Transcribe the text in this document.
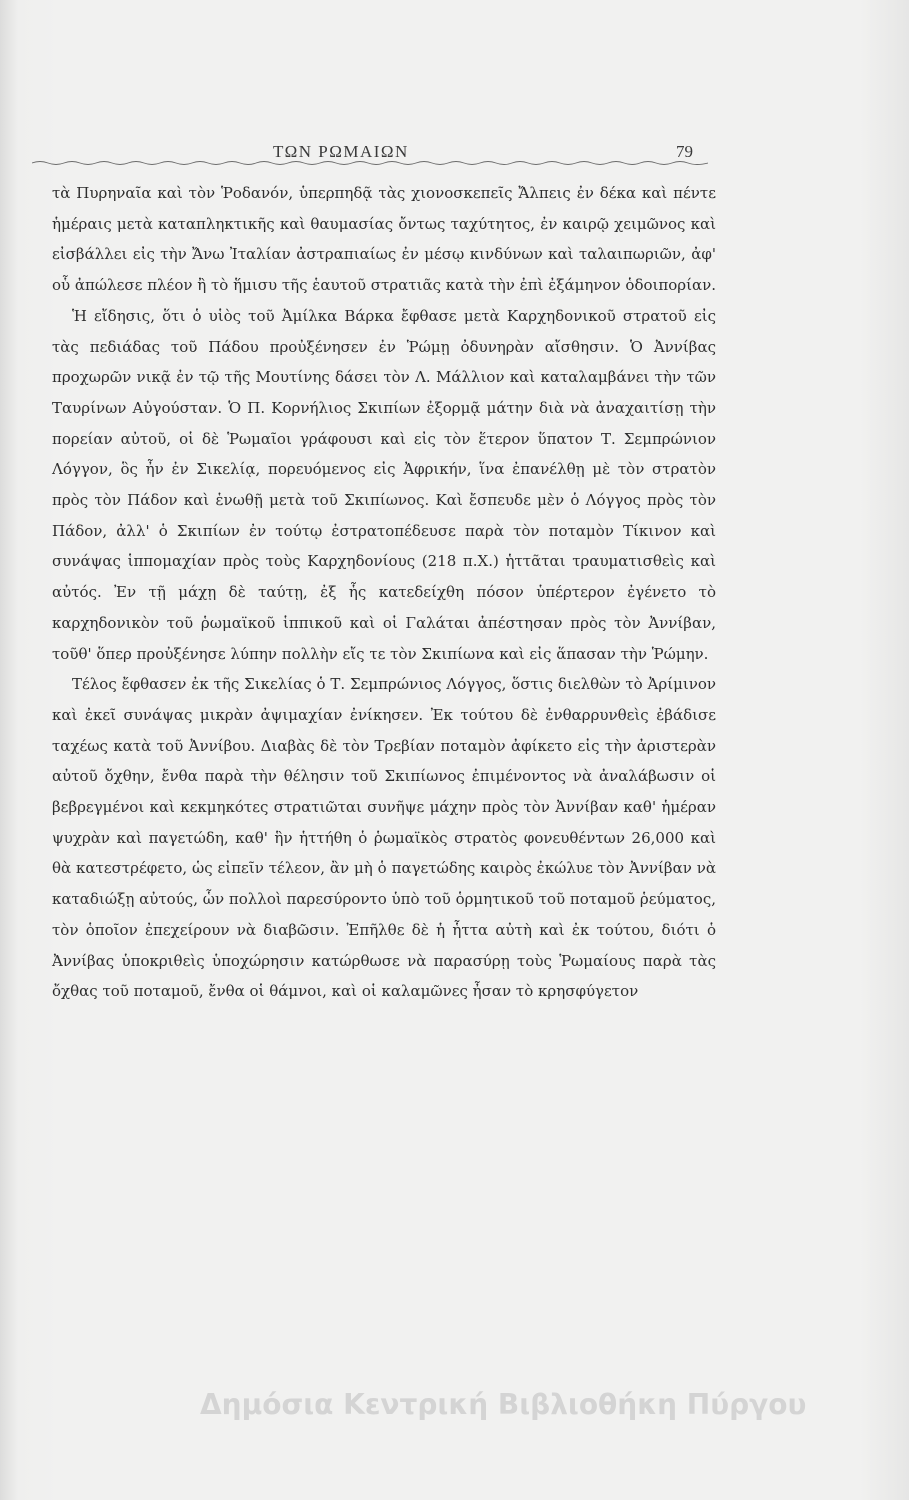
ΤΩΝ ΡΩΜΑΙΩΝ	79

τὰ Πυρηναῖα καὶ τὸν Ῥοδανόν, ὑπερπηδᾷ τὰς χιονοσκεπεῖς Ἄλπεις ἐν δέκα καὶ πέντε ἡμέραις μετὰ καταπληκτικῆς καὶ θαυμασίας ὄντως ταχύτητος, ἐν καιρῷ χειμῶνος καὶ εἰσβάλλει εἰς τὴν Ἄνω Ἰταλίαν ἀστραπιαίως ἐν μέσῳ κινδύνων καὶ ταλαιπωριῶν, ἀφ' οὗ ἀπώλεσε πλέον ἢ τὸ ἥμισυ τῆς ἑαυτοῦ στρατιᾶς κατὰ τὴν ἐπὶ ἐξάμηνον ὁδοιπορίαν.

Ἡ εἴδησις, ὅτι ὁ υἱὸς τοῦ Ἀμίλκα Βάρκα ἔφθασε μετὰ Καρχηδονικοῦ στρατοῦ εἰς τὰς πεδιάδας τοῦ Πάδου προὐξένησεν ἐν Ῥώμῃ ὀδυνηρὰν αἴσθησιν. Ὁ Ἀννίβας προχωρῶν νικᾷ ἐν τῷ τῆς Μουτίνης δάσει τὸν Λ. Μάλλιον καὶ καταλαμβάνει τὴν τῶν Ταυρίνων Αὐγούσταν. Ὁ Π. Κορνήλιος Σκιπίων ἐξορμᾷ μάτην διὰ νὰ ἀναχαιτίσῃ τὴν πορείαν αὐτοῦ, οἱ δὲ Ῥωμαῖοι γράφουσι καὶ εἰς τὸν ἕτερον ὕπατον Τ. Σεμπρώνιον Λόγγον, ὃς ἦν ἐν Σικελίᾳ, πορευόμενος εἰς Ἀφρικήν, ἵνα ἐπανέλθῃ μὲ τὸν στρατὸν πρὸς τὸν Πάδον καὶ ἑνωθῇ μετὰ τοῦ Σκιπίωνος. Καὶ ἔσπευδε μὲν ὁ Λόγγος πρὸς τὸν Πάδον, ἀλλ' ὁ Σκιπίων ἐν τούτῳ ἐστρατοπέδευσε παρὰ τὸν ποταμὸν Τίκινον καὶ συνάψας ἱππομαχίαν πρὸς τοὺς Καρχηδονίους (218 π.Χ.) ἡττᾶται τραυματισθεὶς καὶ αὐτός. Ἐν τῇ μάχῃ δὲ ταύτῃ, ἐξ ἧς κατεδείχθη πόσον ὑπέρτερον ἐγένετο τὸ καρχηδονικὸν τοῦ ῥωμαϊκοῦ ἱππικοῦ καὶ οἱ Γαλάται ἀπέστησαν πρὸς τὸν Ἀννίβαν, τοῦθ' ὅπερ προὐξένησε λύπην πολλὴν εἴς τε τὸν Σκιπίωνα καὶ εἰς ἅπασαν τὴν Ῥώμην.

Τέλος ἔφθασεν ἐκ τῆς Σικελίας ὁ Τ. Σεμπρώνιος Λόγγος, ὅστις διελθὼν τὸ Ἀρίμινον καὶ ἐκεῖ συνάψας μικρὰν ἀψιμαχίαν ἐνίκησεν. Ἐκ τούτου δὲ ἐνθαρρυνθεὶς ἐβάδισε ταχέως κατὰ τοῦ Ἀννίβου. Διαβὰς δὲ τὸν Τρεβίαν ποταμὸν ἀφίκετο εἰς τὴν ἀριστερὰν αὐτοῦ ὄχθην, ἔνθα παρὰ τὴν θέλησιν τοῦ Σκιπίωνος ἐπιμένοντος νὰ ἀναλάβωσιν οἱ βεβρεγμένοι καὶ κεκμηκότες στρατιῶται συνῆψε μάχην πρὸς τὸν Ἀννίβαν καθ' ἡμέραν ψυχρὰν καὶ παγετώδη, καθ' ἣν ἡττήθη ὁ ῥωμαϊκὸς στρατὸς φονευθέντων 26,000 καὶ θὰ κατεστρέφετο, ὡς εἰπεῖν τέλεον, ἂν μὴ ὁ παγετώδης καιρὸς ἐκώλυε τὸν Ἀννίβαν νὰ καταδιώξῃ αὐτούς, ὧν πολλοὶ παρεσύροντο ὑπὸ τοῦ ὁρμητικοῦ τοῦ ποταμοῦ ῥεύματος, τὸν ὁποῖον ἐπεχείρουν νὰ διαβῶσιν. Ἐπῆλθε δὲ ἡ ἧττα αὐτὴ καὶ ἐκ τούτου, διότι ὁ Ἀννίβας ὑποκριθεὶς ὑποχώρησιν κατώρθωσε νὰ παρασύρῃ τοὺς Ῥωμαίους παρὰ τὰς ὄχθας τοῦ ποταμοῦ, ἔνθα οἱ θάμνοι, καὶ οἱ καλαμῶνες ἦσαν τὸ κρησφύγετον

Δημόσια Κεντρική Βιβλιοθήκη Πύργου
